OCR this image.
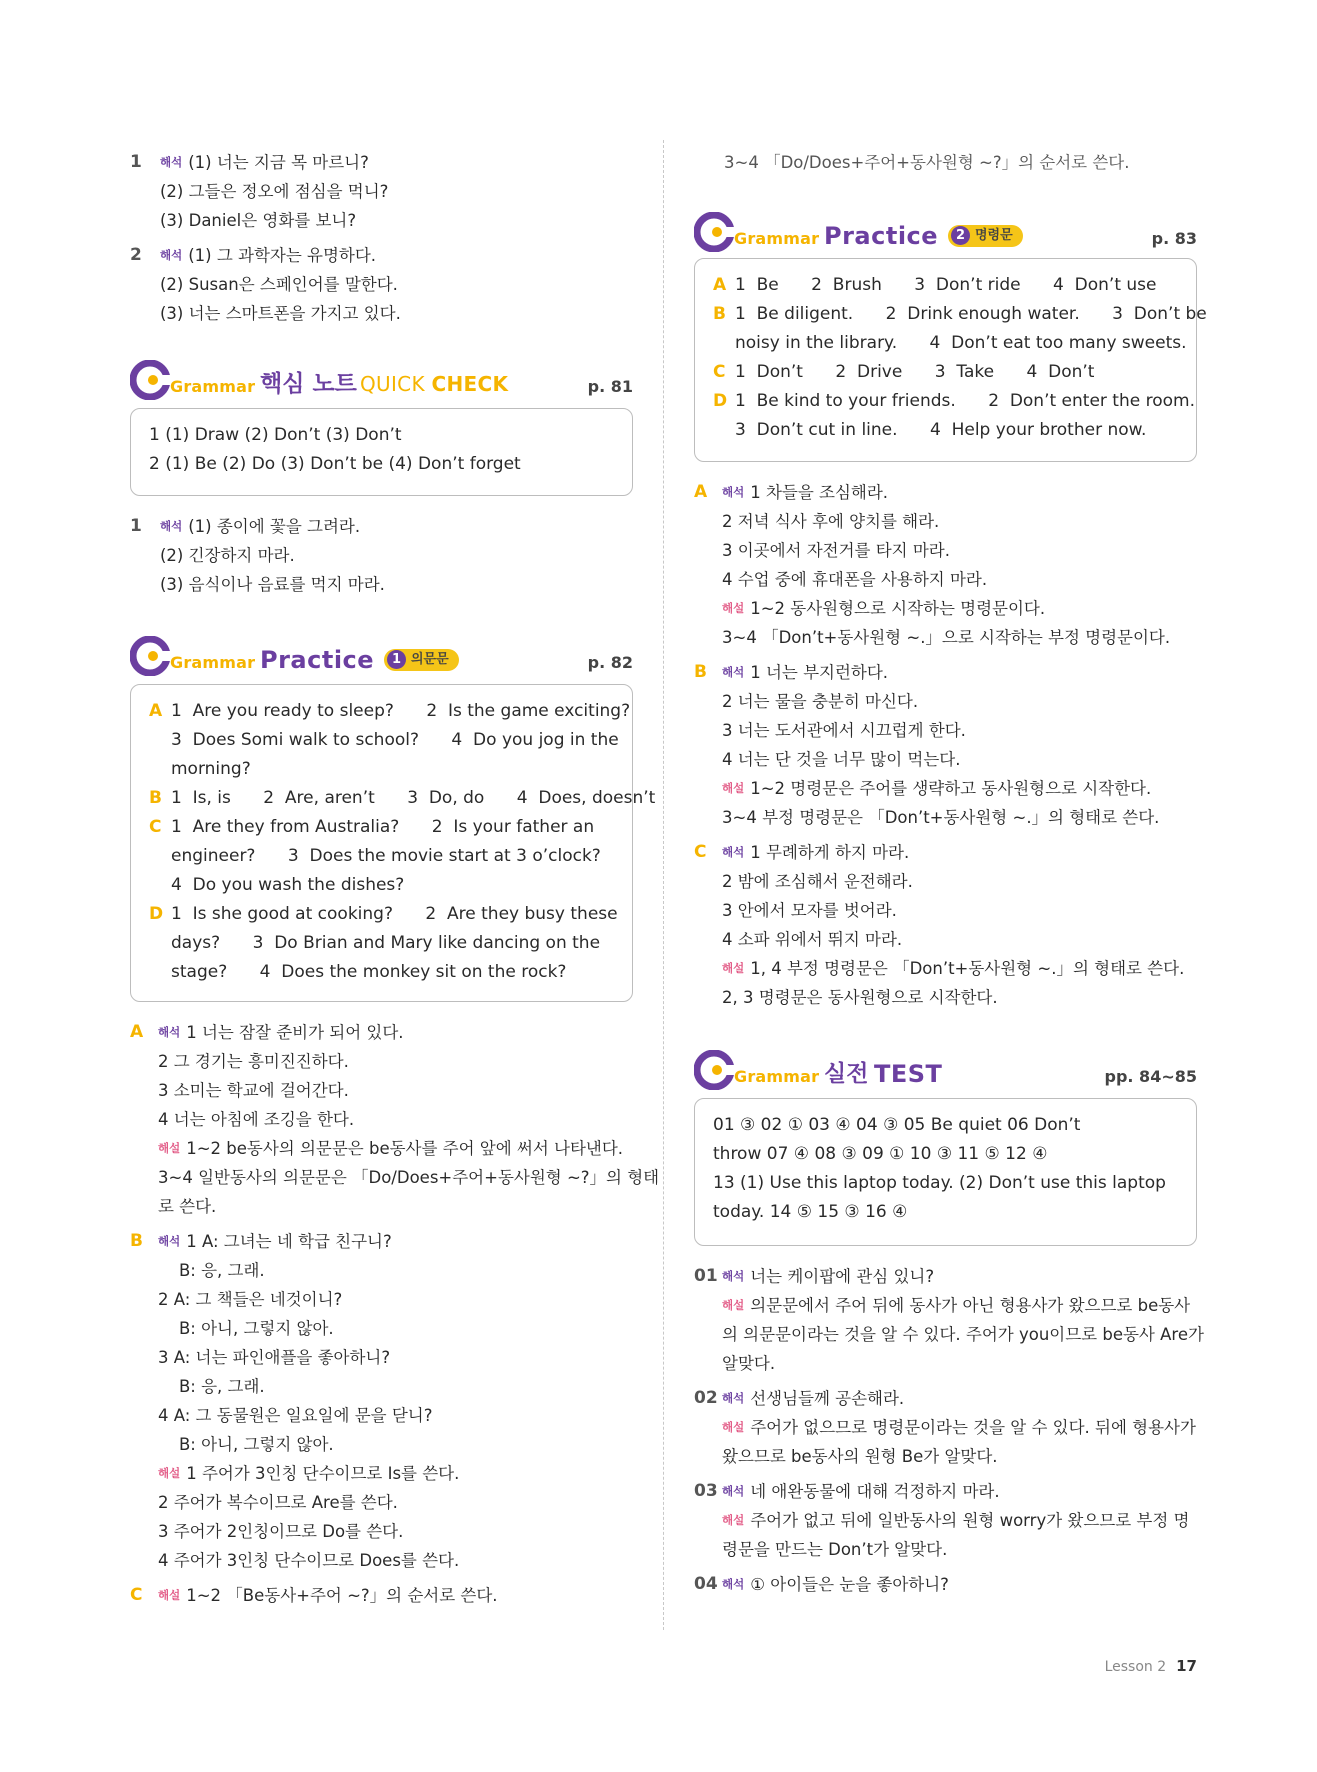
1 해석 (1) 너는 지금 목 마르니?
(2) 그들은 정오에 점심을 먹니?
(3) Daniel은 영화를 보니?
2 해석 (1) 그 과학자는 유명하다.
(2) Susan은 스페인어를 말한다.
(3) 너는 스마트폰을 가지고 있다.
Grammar 핵심 노트 QUICK CHECK	p. 81
1 (1) Draw (2) Don’t (3) Don’t
2 (1) Be (2) Do (3) Don’t be (4) Don’t forget
1 해석 (1) 종이에 꽃을 그려라.
(2) 긴장하지 마라.
(3) 음식이나 음료를 먹지 마라.
Grammar Practice	1 의문문	p. 82
A 1  Are you ready to sleep?      2  Is the game exciting?
3  Does Somi walk to school?      4  Do you jog in the
morning?
B 1  Is, is      2  Are, aren’t      3  Do, do      4  Does, doesn’t
C 1  Are they from Australia?      2  Is your father an
engineer?      3  Does the movie start at 3 o’clock?
4  Do you wash the dishes?
D 1  Is she good at cooking?      2  Are they busy these
days?      3  Do Brian and Mary like dancing on the
stage?      4  Does the monkey sit on the rock?
A 해석 1 너는 잠잘 준비가 되어 있다.
2 그 경기는 흥미진진하다.
3 소미는 학교에 걸어간다.
4 너는 아침에 조깅을 한다.
해설 1~2 be동사의 의문문은 be동사를 주어 앞에 써서 나타낸다.
3~4 일반동사의 의문문은 「Do/Does+주어+동사원형 ~?」의 형태
로 쓴다.
B 해석 1 A: 그녀는 네 학급 친구니?
B: 응, 그래.
2 A: 그 책들은 네것이니?
B: 아니, 그렇지 않아.
3 A: 너는 파인애플을 좋아하니?
B: 응, 그래.
4 A: 그 동물원은 일요일에 문을 닫니?
B: 아니, 그렇지 않아.
해설 1 주어가 3인칭 단수이므로 Is를 쓴다.
2 주어가 복수이므로 Are를 쓴다.
3 주어가 2인칭이므로 Do를 쓴다.
4 주어가 3인칭 단수이므로 Does를 쓴다.
C 해설 1~2 「Be동사+주어 ~?」의 순서로 쓴다.
3~4 「Do/Does+주어+동사원형 ~?」의 순서로 쓴다.
Grammar Practice	2 명령문	p. 83
A 1  Be      2  Brush      3  Don’t ride      4  Don’t use
B 1  Be diligent.      2  Drink enough water.      3  Don’t be
noisy in the library.      4  Don’t eat too many sweets.
C 1  Don’t      2  Drive      3  Take      4  Don’t
D 1  Be kind to your friends.      2  Don’t enter the room.
3  Don’t cut in line.      4  Help your brother now.
A 해석 1 차들을 조심해라.
2 저녁 식사 후에 양치를 해라.
3 이곳에서 자전거를 타지 마라.
4 수업 중에 휴대폰을 사용하지 마라.
해설 1~2 동사원형으로 시작하는 명령문이다.
3~4 「Don’t+동사원형 ~.」으로 시작하는 부정 명령문이다.
B 해석 1 너는 부지런하다.
2 너는 물을 충분히 마신다.
3 너는 도서관에서 시끄럽게 한다.
4 너는 단 것을 너무 많이 먹는다.
해설 1~2 명령문은 주어를 생략하고 동사원형으로 시작한다.
3~4 부정 명령문은 「Don’t+동사원형 ~.」의 형태로 쓴다.
C 해석 1 무례하게 하지 마라.
2 밤에 조심해서 운전해라.
3 안에서 모자를 벗어라.
4 소파 위에서 뛰지 마라.
해설 1, 4 부정 명령문은 「Don’t+동사원형 ~.」의 형태로 쓴다.
2, 3 명령문은 동사원형으로 시작한다.
Grammar 실전 TEST	pp. 84~85
01 ③ 02 ① 03 ④ 04 ③ 05 Be quiet 06 Don’t
throw 07 ④ 08 ③ 09 ① 10 ③ 11 ⑤ 12 ④
13 (1) Use this laptop today. (2) Don’t use this laptop
today. 14 ⑤ 15 ③ 16 ④
01 해석 너는 케이팝에 관심 있니?
해설 의문문에서 주어 뒤에 동사가 아닌 형용사가 왔으므로 be동사
의 의문문이라는 것을 알 수 있다. 주어가 you이므로 be동사 Are가
알맞다.
02 해석 선생님들께 공손해라.
해설 주어가 없으므로 명령문이라는 것을 알 수 있다. 뒤에 형용사가
왔으므로 be동사의 원형 Be가 알맞다.
03 해석 네 애완동물에 대해 걱정하지 마라.
해설 주어가 없고 뒤에 일반동사의 원형 worry가 왔으므로 부정 명
령문을 만드는 Don’t가 알맞다.
04 해석 ① 아이들은 눈을 좋아하니?
Lesson 2 17
